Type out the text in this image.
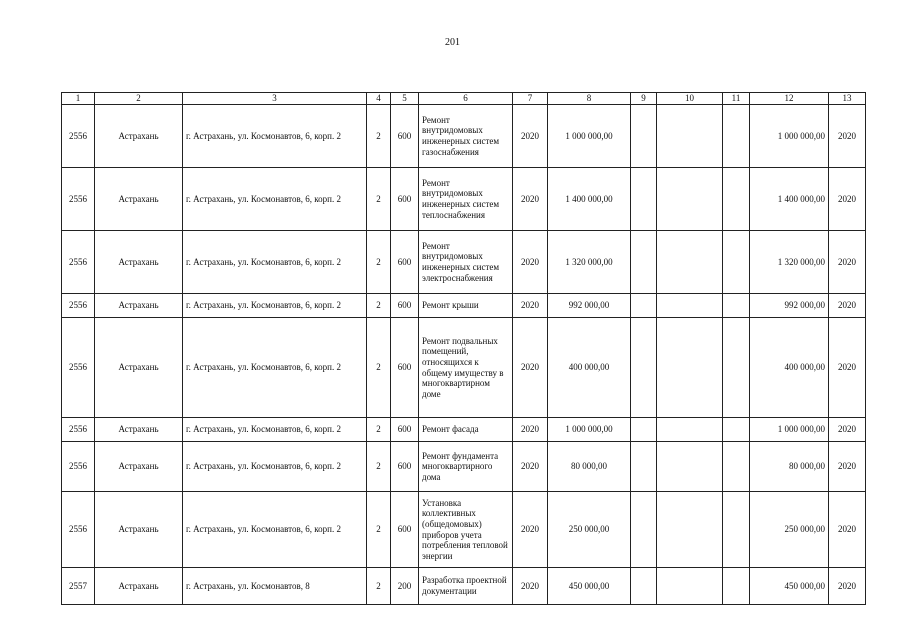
201
1	2	3	4	5	6	7	8	9	10	11	12	13
2556	Астрахань	г. Астрахань, ул. Космонавтов, 6, корп. 2	2	600	Ремонт внутридомовых инженерных систем газоснабжения	2020	1 000 000,00				1 000 000,00	2020
2556	Астрахань	г. Астрахань, ул. Космонавтов, 6, корп. 2	2	600	Ремонт внутридомовых инженерных систем теплоснабжения	2020	1 400 000,00				1 400 000,00	2020
2556	Астрахань	г. Астрахань, ул. Космонавтов, 6, корп. 2	2	600	Ремонт внутридомовых инженерных систем электроснабжения	2020	1 320 000,00				1 320 000,00	2020
2556	Астрахань	г. Астрахань, ул. Космонавтов, 6, корп. 2	2	600	Ремонт крыши	2020	992 000,00				992 000,00	2020
2556	Астрахань	г. Астрахань, ул. Космонавтов, 6, корп. 2	2	600	Ремонт подвальных помещений, относящихся к общему имуществу в многоквартирном доме	2020	400 000,00				400 000,00	2020
2556	Астрахань	г. Астрахань, ул. Космонавтов, 6, корп. 2	2	600	Ремонт фасада	2020	1 000 000,00				1 000 000,00	2020
2556	Астрахань	г. Астрахань, ул. Космонавтов, 6, корп. 2	2	600	Ремонт фундамента многоквартирного дома	2020	80 000,00				80 000,00	2020
2556	Астрахань	г. Астрахань, ул. Космонавтов, 6, корп. 2	2	600	Установка коллективных (общедомовых) приборов учета потребления тепловой энергии	2020	250 000,00				250 000,00	2020
2557	Астрахань	г. Астрахань, ул. Космонавтов, 8	2	200	Разработка проектной документации	2020	450 000,00				450 000,00	2020
